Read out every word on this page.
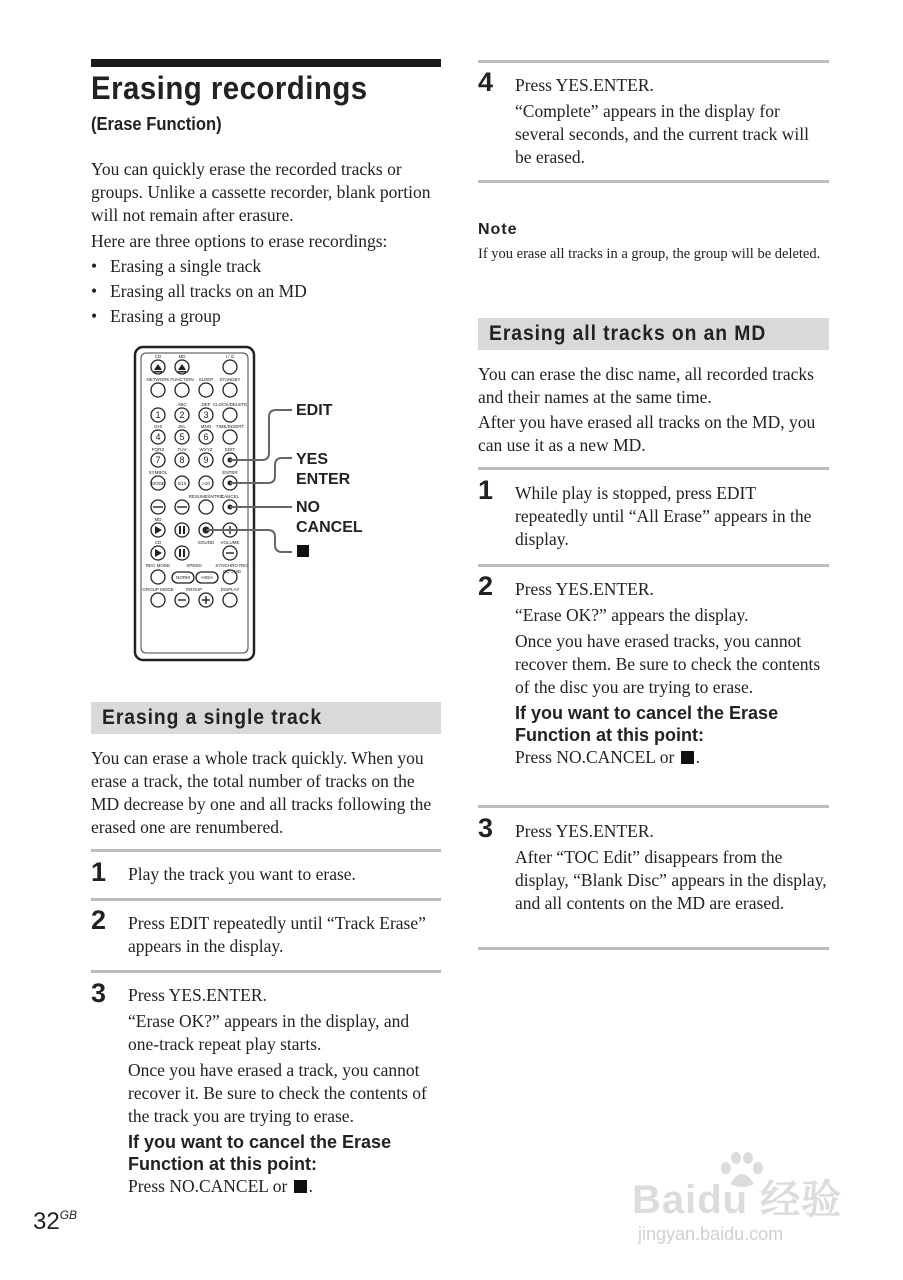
Erasing recordings
(Erase Function)
You can quickly erase the recorded tracks or groups. Unlike a cassette recorder, blank portion will not remain after erasure.
Here are three options to erase recordings:
• Erasing a single track
• Erasing all tracks on an MD
• Erasing a group
1 2 3
4 5 6
7 8 9
MODE	0/10	>10
NORM	HIGH
CD	MD	I / ⏻
NETWORK FUNCTION SLEEP STANDBY
ABC	DEF CLOCK/DELETE
GHI	JKL	MNO TIME/INSERT
PQRS	TUV	WXYZ	EDIT
SYMBOL	ENTER
RESUME/INTRO
CANCEL
MD
CD	SOUND VOLUME
REC MODE	SPEED	SYNCHRO REC
CD→MD
GROUP MODE	GROUP	DISPLAY
EDIT
YES
ENTER
NO
CANCEL
Erasing a single track
You can erase a whole track quickly. When you erase a track, the total number of tracks on the MD decrease by one and all tracks following the erased one are renumbered.
1 Play the track you want to erase.

2 Press EDIT repeatedly until “Track Erase” appears in the display.

3 Press YES.ENTER.

“Erase OK?” appears in the display, and one-track repeat play starts.

Once you have erased a track, you cannot recover it. Be sure to check the contents of the track you are trying to erase.

If you want to cancel the Erase Function at this point:

Press NO.CANCEL or .

$32^{GB}$
4 Press YES.ENTER.

“Complete” appears in the display for several seconds, and the current track will be erased.

Note
If you erase all tracks in a group, the group will be deleted.
Erasing all tracks on an MD
You can erase the disc name, all recorded tracks and their names at the same time.
After you have erased all tracks on the MD, you can use it as a new MD.
1 While play is stopped, press EDIT repeatedly until “All Erase” appears in the display.

2 Press YES.ENTER.

“Erase OK?” appears the display.

Once you have erased tracks, you cannot recover them. Be sure to check the contents of the disc you are trying to erase.

If you want to cancel the Erase Function at this point:

Press NO.CANCEL or .

3 Press YES.ENTER.

After “TOC Edit” disappears from the display, “Blank Disc” appears in the display, and all contents on the MD are erased.

Baidu 经验
jingyan.baidu.com
